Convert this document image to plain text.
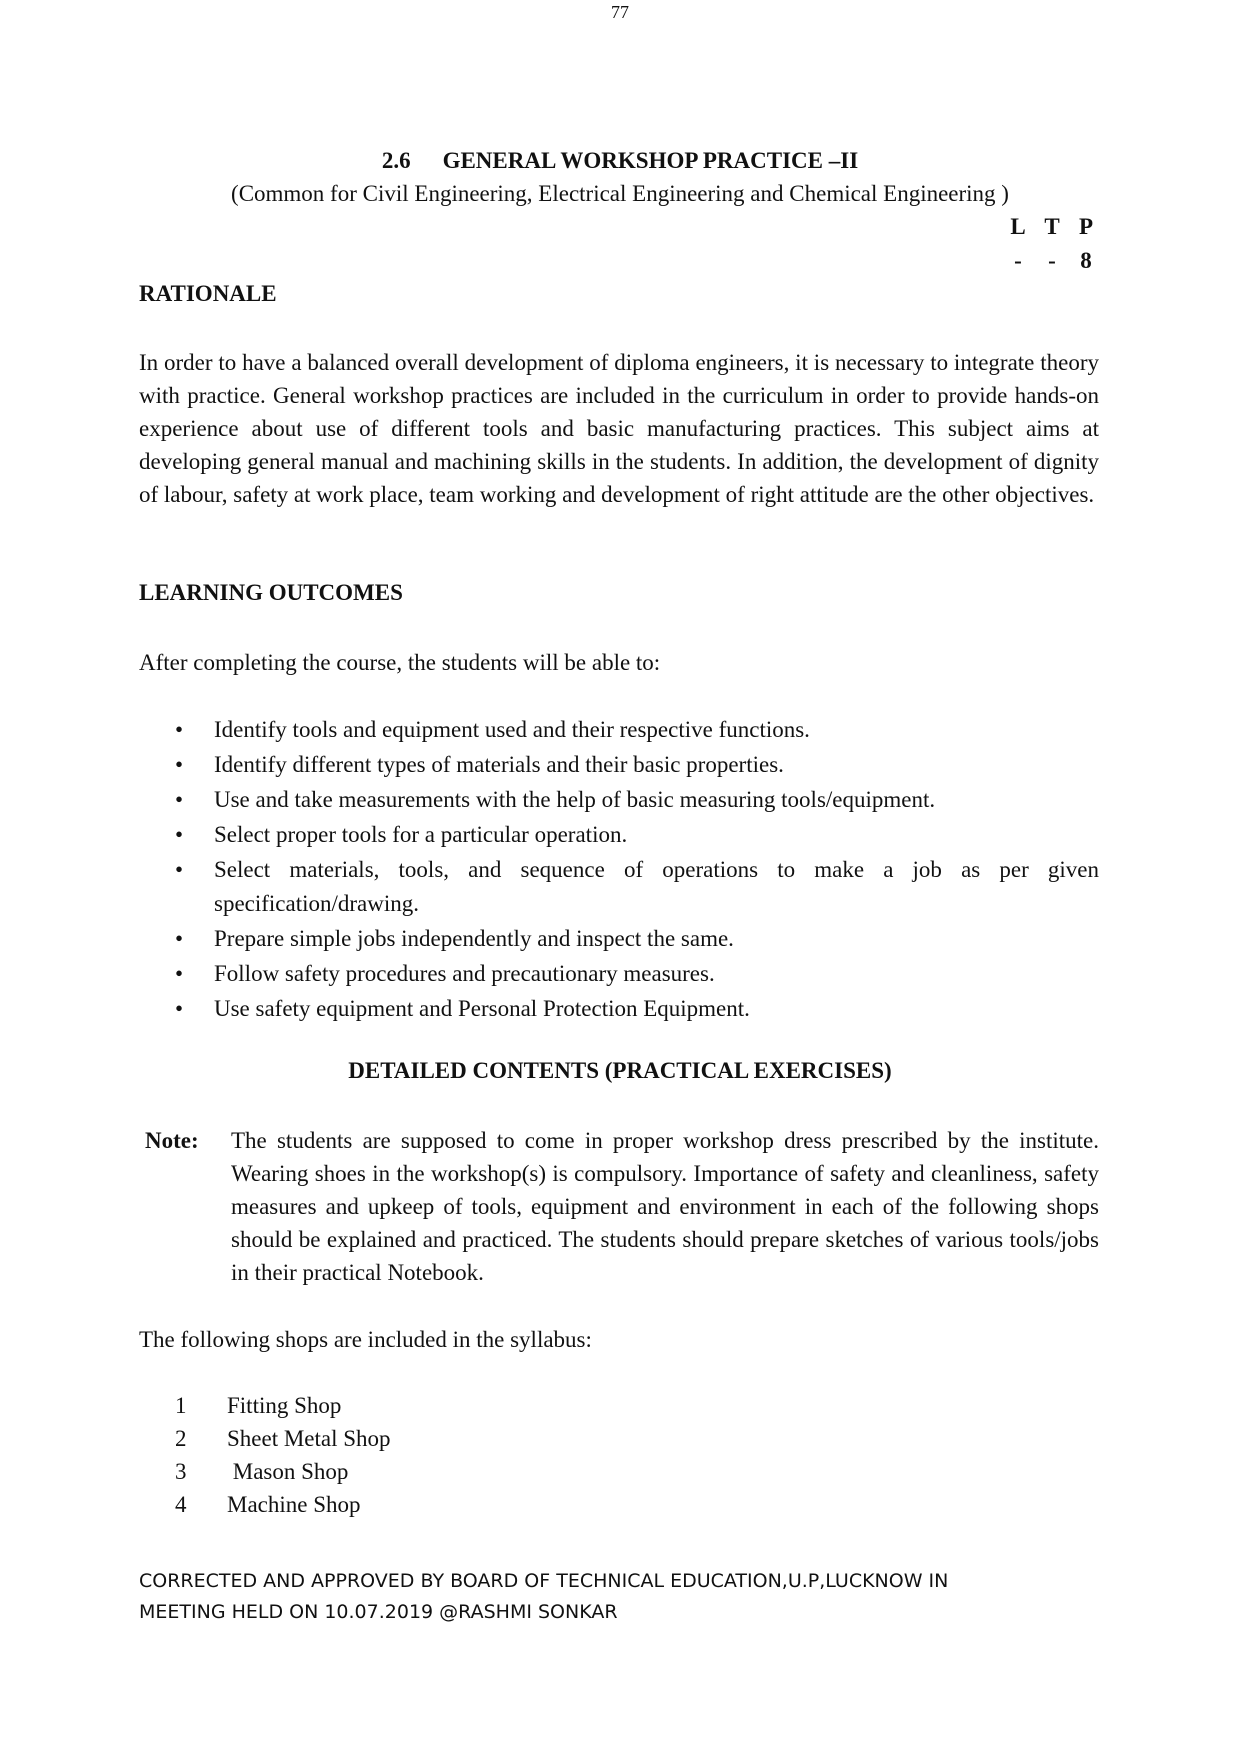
77
2.6 GENERAL WORKSHOP PRACTICE –II
(Common for Civil Engineering, Electrical Engineering and Chemical Engineering )
L T P
-	-	8
RATIONALE
In order to have a balanced overall development of diploma engineers, it is necessary to integrate theory with practice. General workshop practices are included in the curriculum in order to provide hands-on experience about use of different tools and basic manufacturing practices. This subject aims at developing general manual and machining skills in the students. In addition, the development of dignity of labour, safety at work place, team working and development of right attitude are the other objectives.
LEARNING OUTCOMES
After completing the course, the students will be able to:
• Identify tools and equipment used and their respective functions.
• Identify different types of materials and their basic properties.
• Use and take measurements with the help of basic measuring tools/equipment.
• Select proper tools for a particular operation.
• Select materials, tools, and sequence of operations to make a job as per given specification/drawing.
• Prepare simple jobs independently and inspect the same.
• Follow safety procedures and precautionary measures.
• Use safety equipment and Personal Protection Equipment.
DETAILED CONTENTS (PRACTICAL EXERCISES)
Note: The students are supposed to come in proper workshop dress prescribed by the institute. Wearing shoes in the workshop(s) is compulsory. Importance of safety and cleanliness, safety measures and upkeep of tools, equipment and environment in each of the following shops should be explained and practiced. The students should prepare sketches of various tools/jobs in their practical Notebook.
The following shops are included in the syllabus:
1	Fitting Shop
2	Sheet Metal Shop
3	Mason Shop
4	Machine Shop
CORRECTED AND APPROVED BY BOARD OF TECHNICAL EDUCATION,U.P,LUCKNOW IN
MEETING HELD ON 10.07.2019 @RASHMI SONKAR
